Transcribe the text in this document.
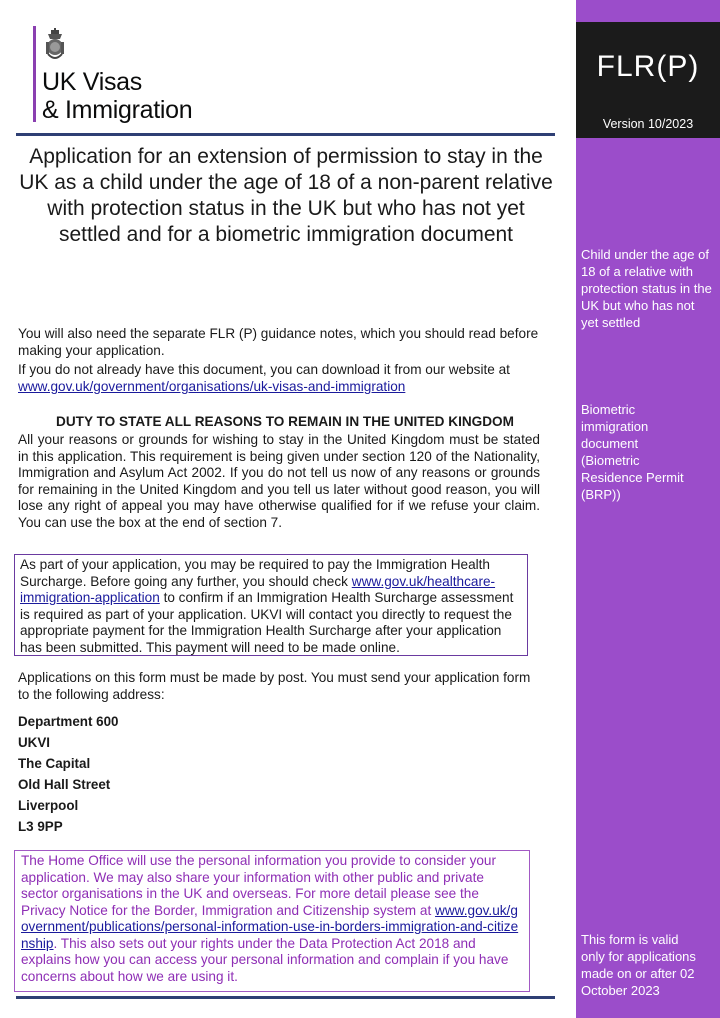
UK Visas
& Immigration
Application for an extension of permission to stay in the UK as a child under the age of 18 of a non-parent relative with protection status in the UK but who has not yet settled and for a biometric immigration document
You will also need the separate FLR (P) guidance notes, which you should read before making your application.
If you do not already have this document, you can download it from our website at
www.gov.uk/government/organisations/uk-visas-and-immigration
DUTY TO STATE ALL REASONS TO REMAIN IN THE UNITED KINGDOM
All your reasons or grounds for wishing to stay in the United Kingdom must be stated in this application. This requirement is being given under section 120 of the Nationality, Immigration and Asylum Act 2002. If you do not tell us now of any reasons or grounds for remaining in the United Kingdom and you tell us later without good reason, you will lose any right of appeal you may have otherwise qualified for if we refuse your claim. You can use the box at the end of section 7.
As part of your application, you may be required to pay the Immigration Health Surcharge. Before going any further, you should check www.gov.uk/healthcare-immigration-application to confirm if an Immigration Health Surcharge assessment is required as part of your application. UKVI will contact you directly to request the appropriate payment for the Immigration Health Surcharge after your application has been submitted. This payment will need to be made online.
Applications on this form must be made by post. You must send your application form to the following address:
Department 600
UKVI
The Capital
Old Hall Street
Liverpool
L3 9PP
The Home Office will use the personal information you provide to consider your application. We may also share your information with other public and private sector organisations in the UK and overseas. For more detail please see the Privacy Notice for the Border, Immigration and Citizenship system at www.gov.uk/government/publications/personal-information-use-in-borders-immigration-and-citizenship. This also sets out your rights under the Data Protection Act 2018 and explains how you can access your personal information and complain if you have concerns about how we are using it.
FLR(P)
Version 10/2023
Child under the age of 18 of a relative with protection status in the UK but who has not yet settled
Biometric immigration document (Biometric Residence Permit (BRP))
This form is valid only for applications made on or after 02 October 2023
